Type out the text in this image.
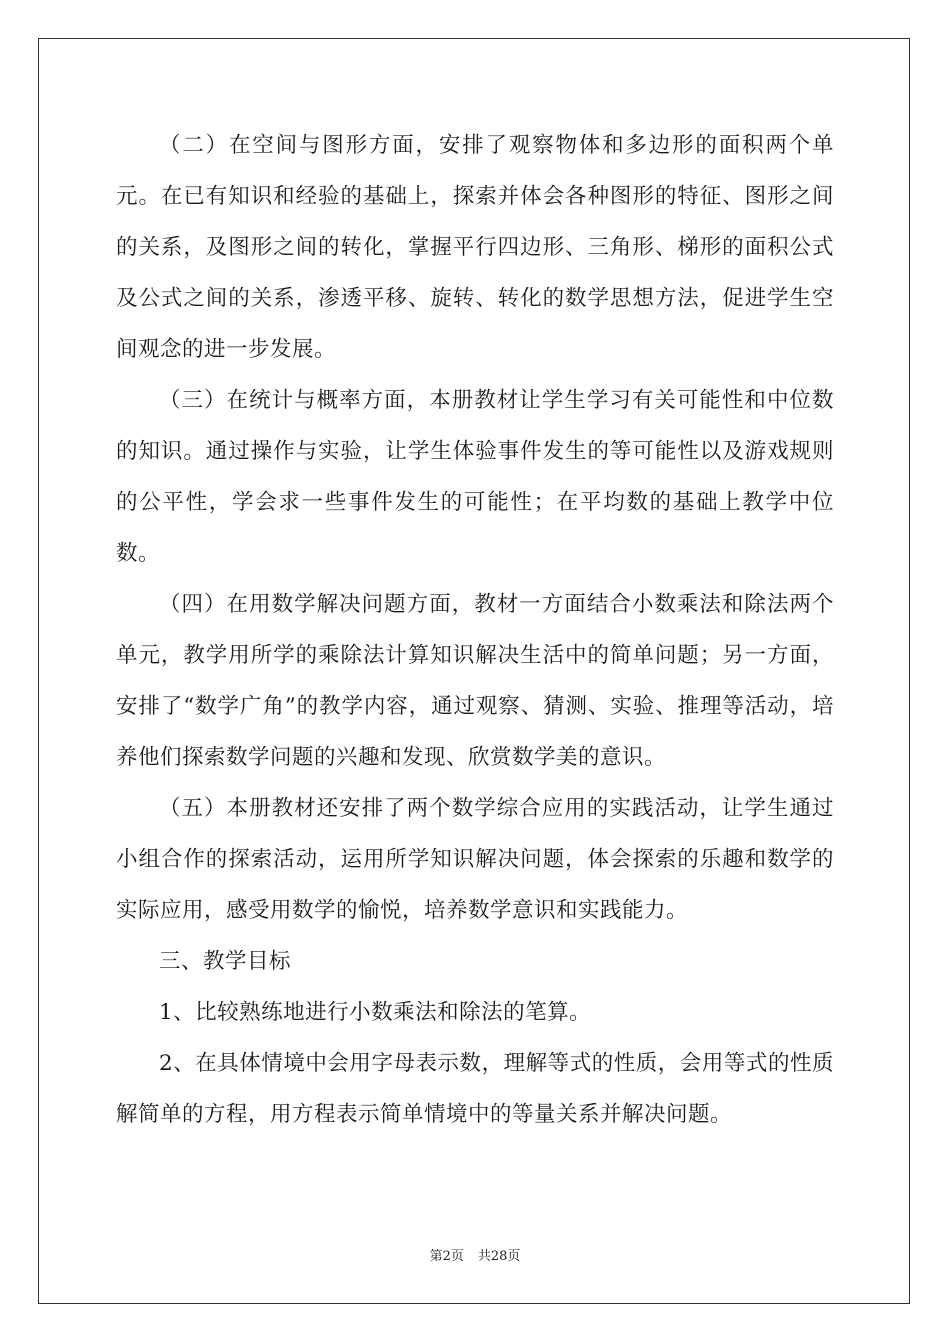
（二）在空间与图形方面，安排了观察物体和多边形的面积两个单元。在已有知识和经验的基础上，探索并体会各种图形的特征、图形之间的关系，及图形之间的转化，掌握平行四边形、三角形、梯形的面积公式及公式之间的关系，渗透平移、旋转、转化的数学思想方法，促进学生空间观念的进一步发展。

（三）在统计与概率方面，本册教材让学生学习有关可能性和中位数的知识。通过操作与实验，让学生体验事件发生的等可能性以及游戏规则的公平性，学会求一些事件发生的可能性；在平均数的基础上教学中位数。

（四）在用数学解决问题方面，教材一方面结合小数乘法和除法两个单元，教学用所学的乘除法计算知识解决生活中的简单问题；另一方面，安排了“数学广角”的教学内容，通过观察、猜测、实验、推理等活动，培养他们探索数学问题的兴趣和发现、欣赏数学美的意识。

（五）本册教材还安排了两个数学综合应用的实践活动，让学生通过小组合作的探索活动，运用所学知识解决问题，体会探索的乐趣和数学的实际应用，感受用数学的愉悦，培养数学意识和实践能力。

三、教学目标

1、比较熟练地进行小数乘法和除法的笔算。

2、在具体情境中会用字母表示数，理解等式的性质，会用等式的性质解简单的方程，用方程表示简单情境中的等量关系并解决问题。

第2页 共28页
